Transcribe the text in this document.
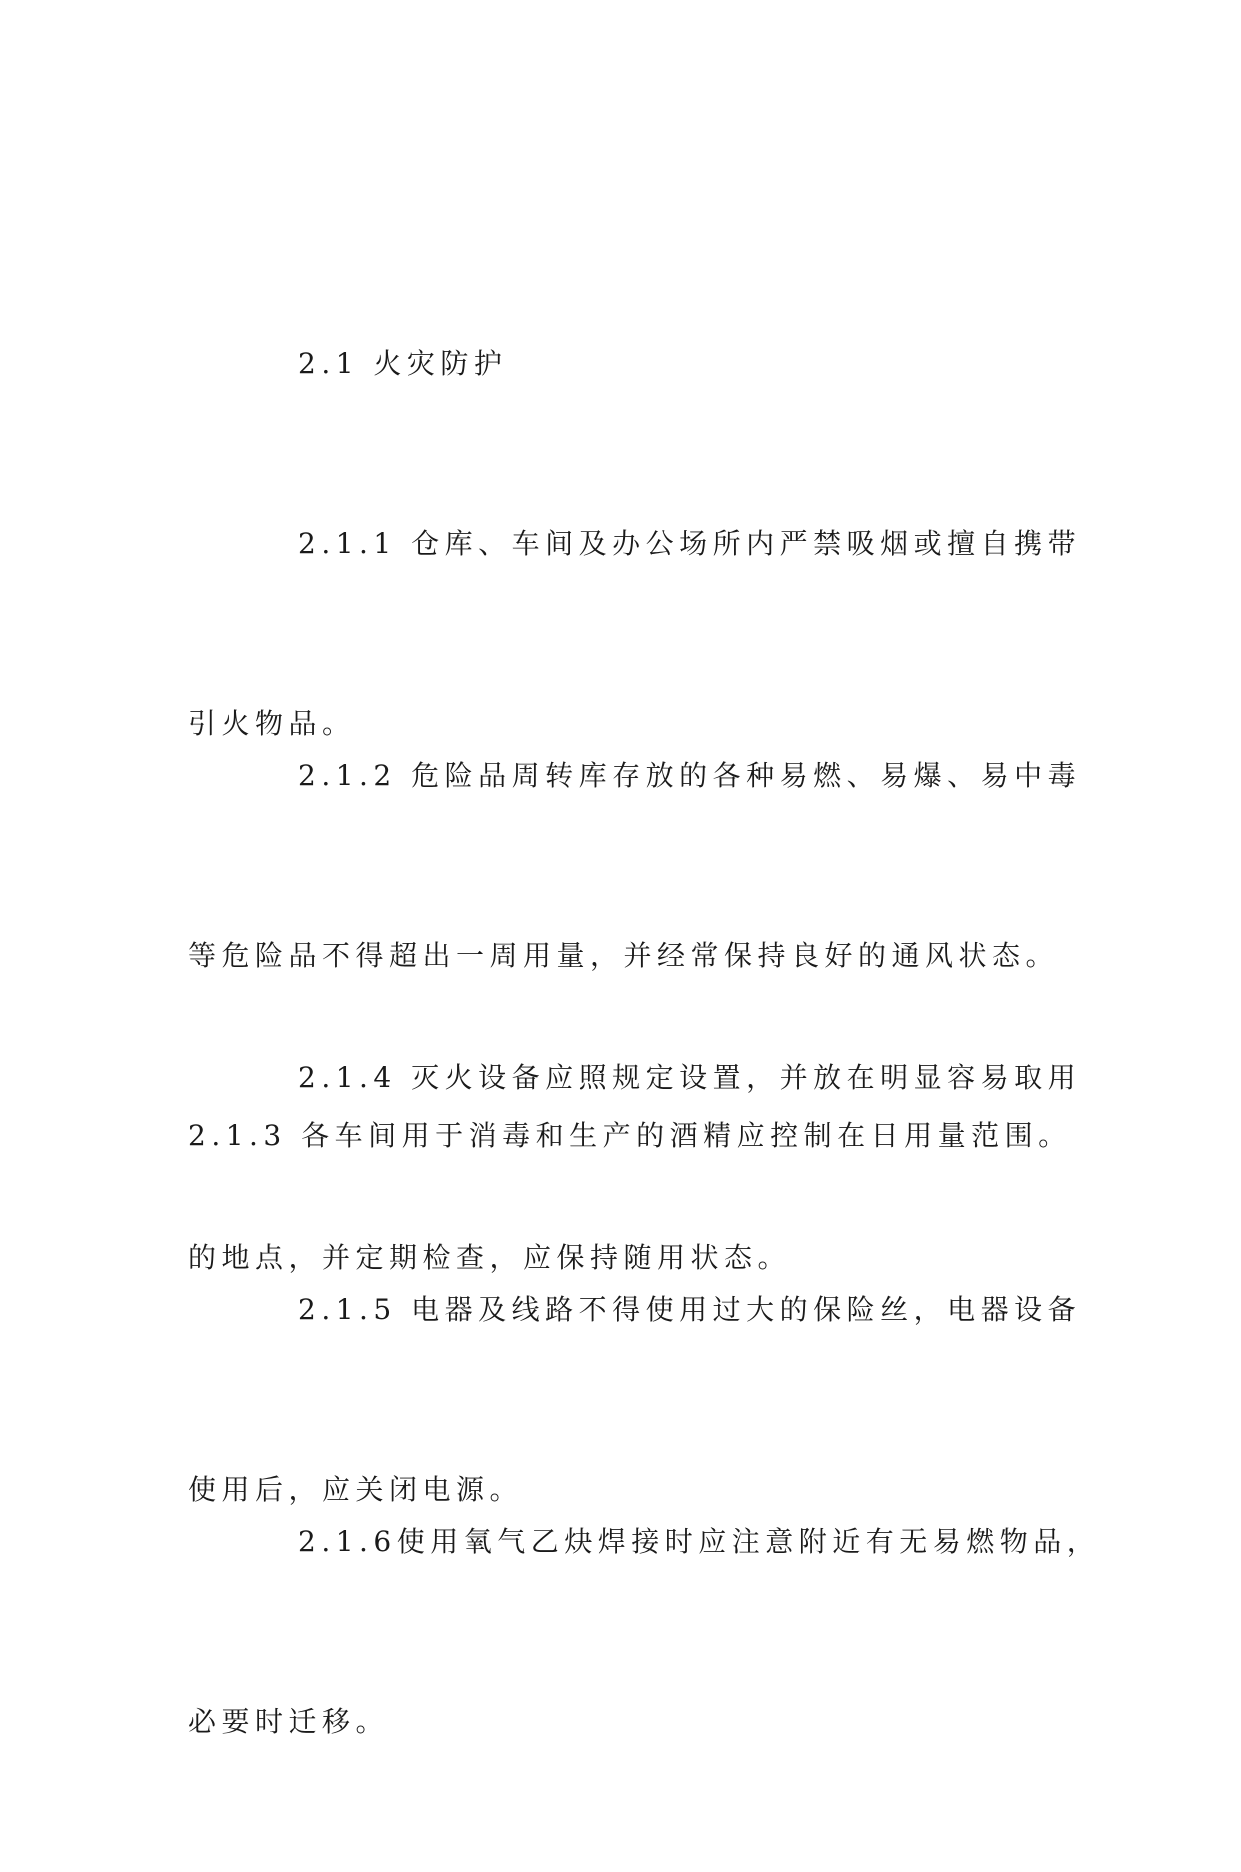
2.1 火灾防护

2.1.1 仓库、车间及办公场所内严禁吸烟或擅自携带

引火物品。

2.1.2 危险品周转库存放的各种易燃、易爆、易中毒

等危险品不得超出一周用量，并经常保持良好的通风状态。

2.1.3 各车间用于消毒和生产的酒精应控制在日用量范围。

2.1.4 灭火设备应照规定设置，并放在明显容易取用

的地点，并定期检查，应保持随用状态。

2.1.5 电器及线路不得使用过大的保险丝，电器设备

使用后，应关闭电源。

2.1.6使用氧气乙炔焊接时应注意附近有无易燃物品，

必要时迁移。
